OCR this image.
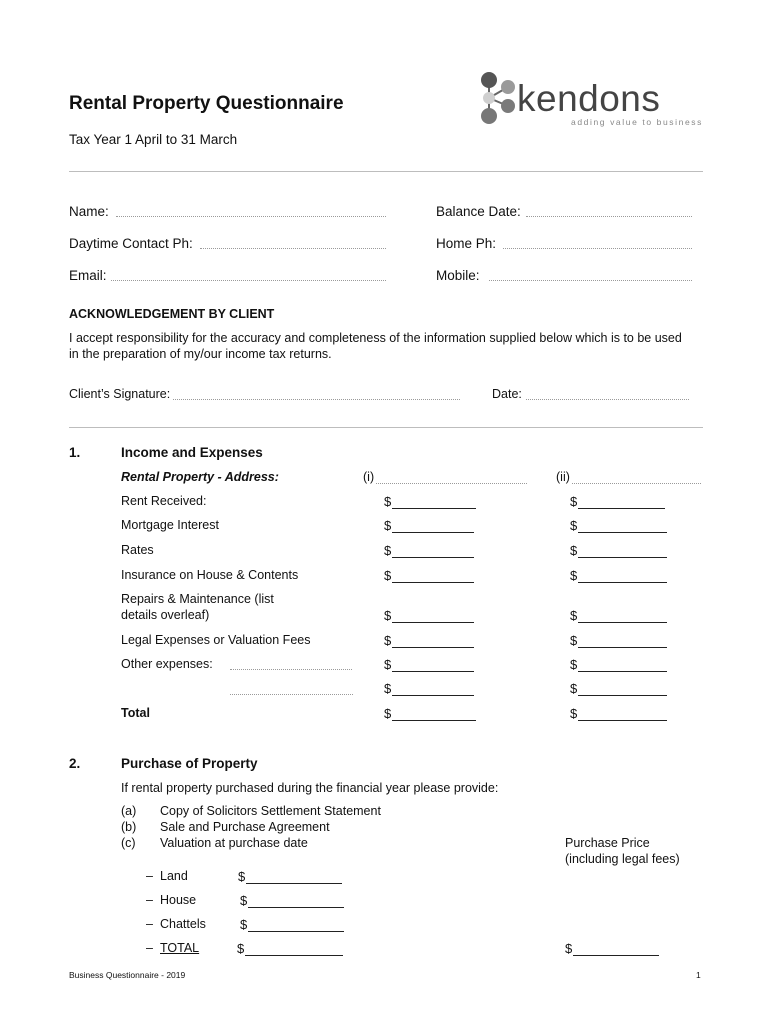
Rental Property Questionnaire
Tax Year 1 April to 31 March
kendons
adding value to business
Name:	Balance Date:
Daytime Contact Ph:	Home Ph:
Email:	Mobile:
ACKNOWLEDGEMENT BY CLIENT
I accept responsibility for the accuracy and completeness of the information supplied below which is to be used
in the preparation of my/our income tax returns.
Client’s Signature:	Date:
1.	Income and Expenses
Rental Property - Address:	(i)	(ii)
Rent Received:	$	$
Mortgage Interest	$	$
Rates	$	$
Insurance on House & Contents	$	$
Repairs & Maintenance (list
details overleaf)	$	$
Legal Expenses or Valuation Fees	$	$
Other expenses:	$	$
$	$
Total	$	$
2.	Purchase of Property
If rental property purchased during the financial year please provide:
(a) Copy of Solicitors Settlement Statement
(b) Sale and Purchase Agreement
(c) Valuation at purchase date	Purchase Price
(including legal fees)
– Land	$
– House	$
– Chattels	$
– TOTAL	$	$
Business Questionnaire - 2019	1
